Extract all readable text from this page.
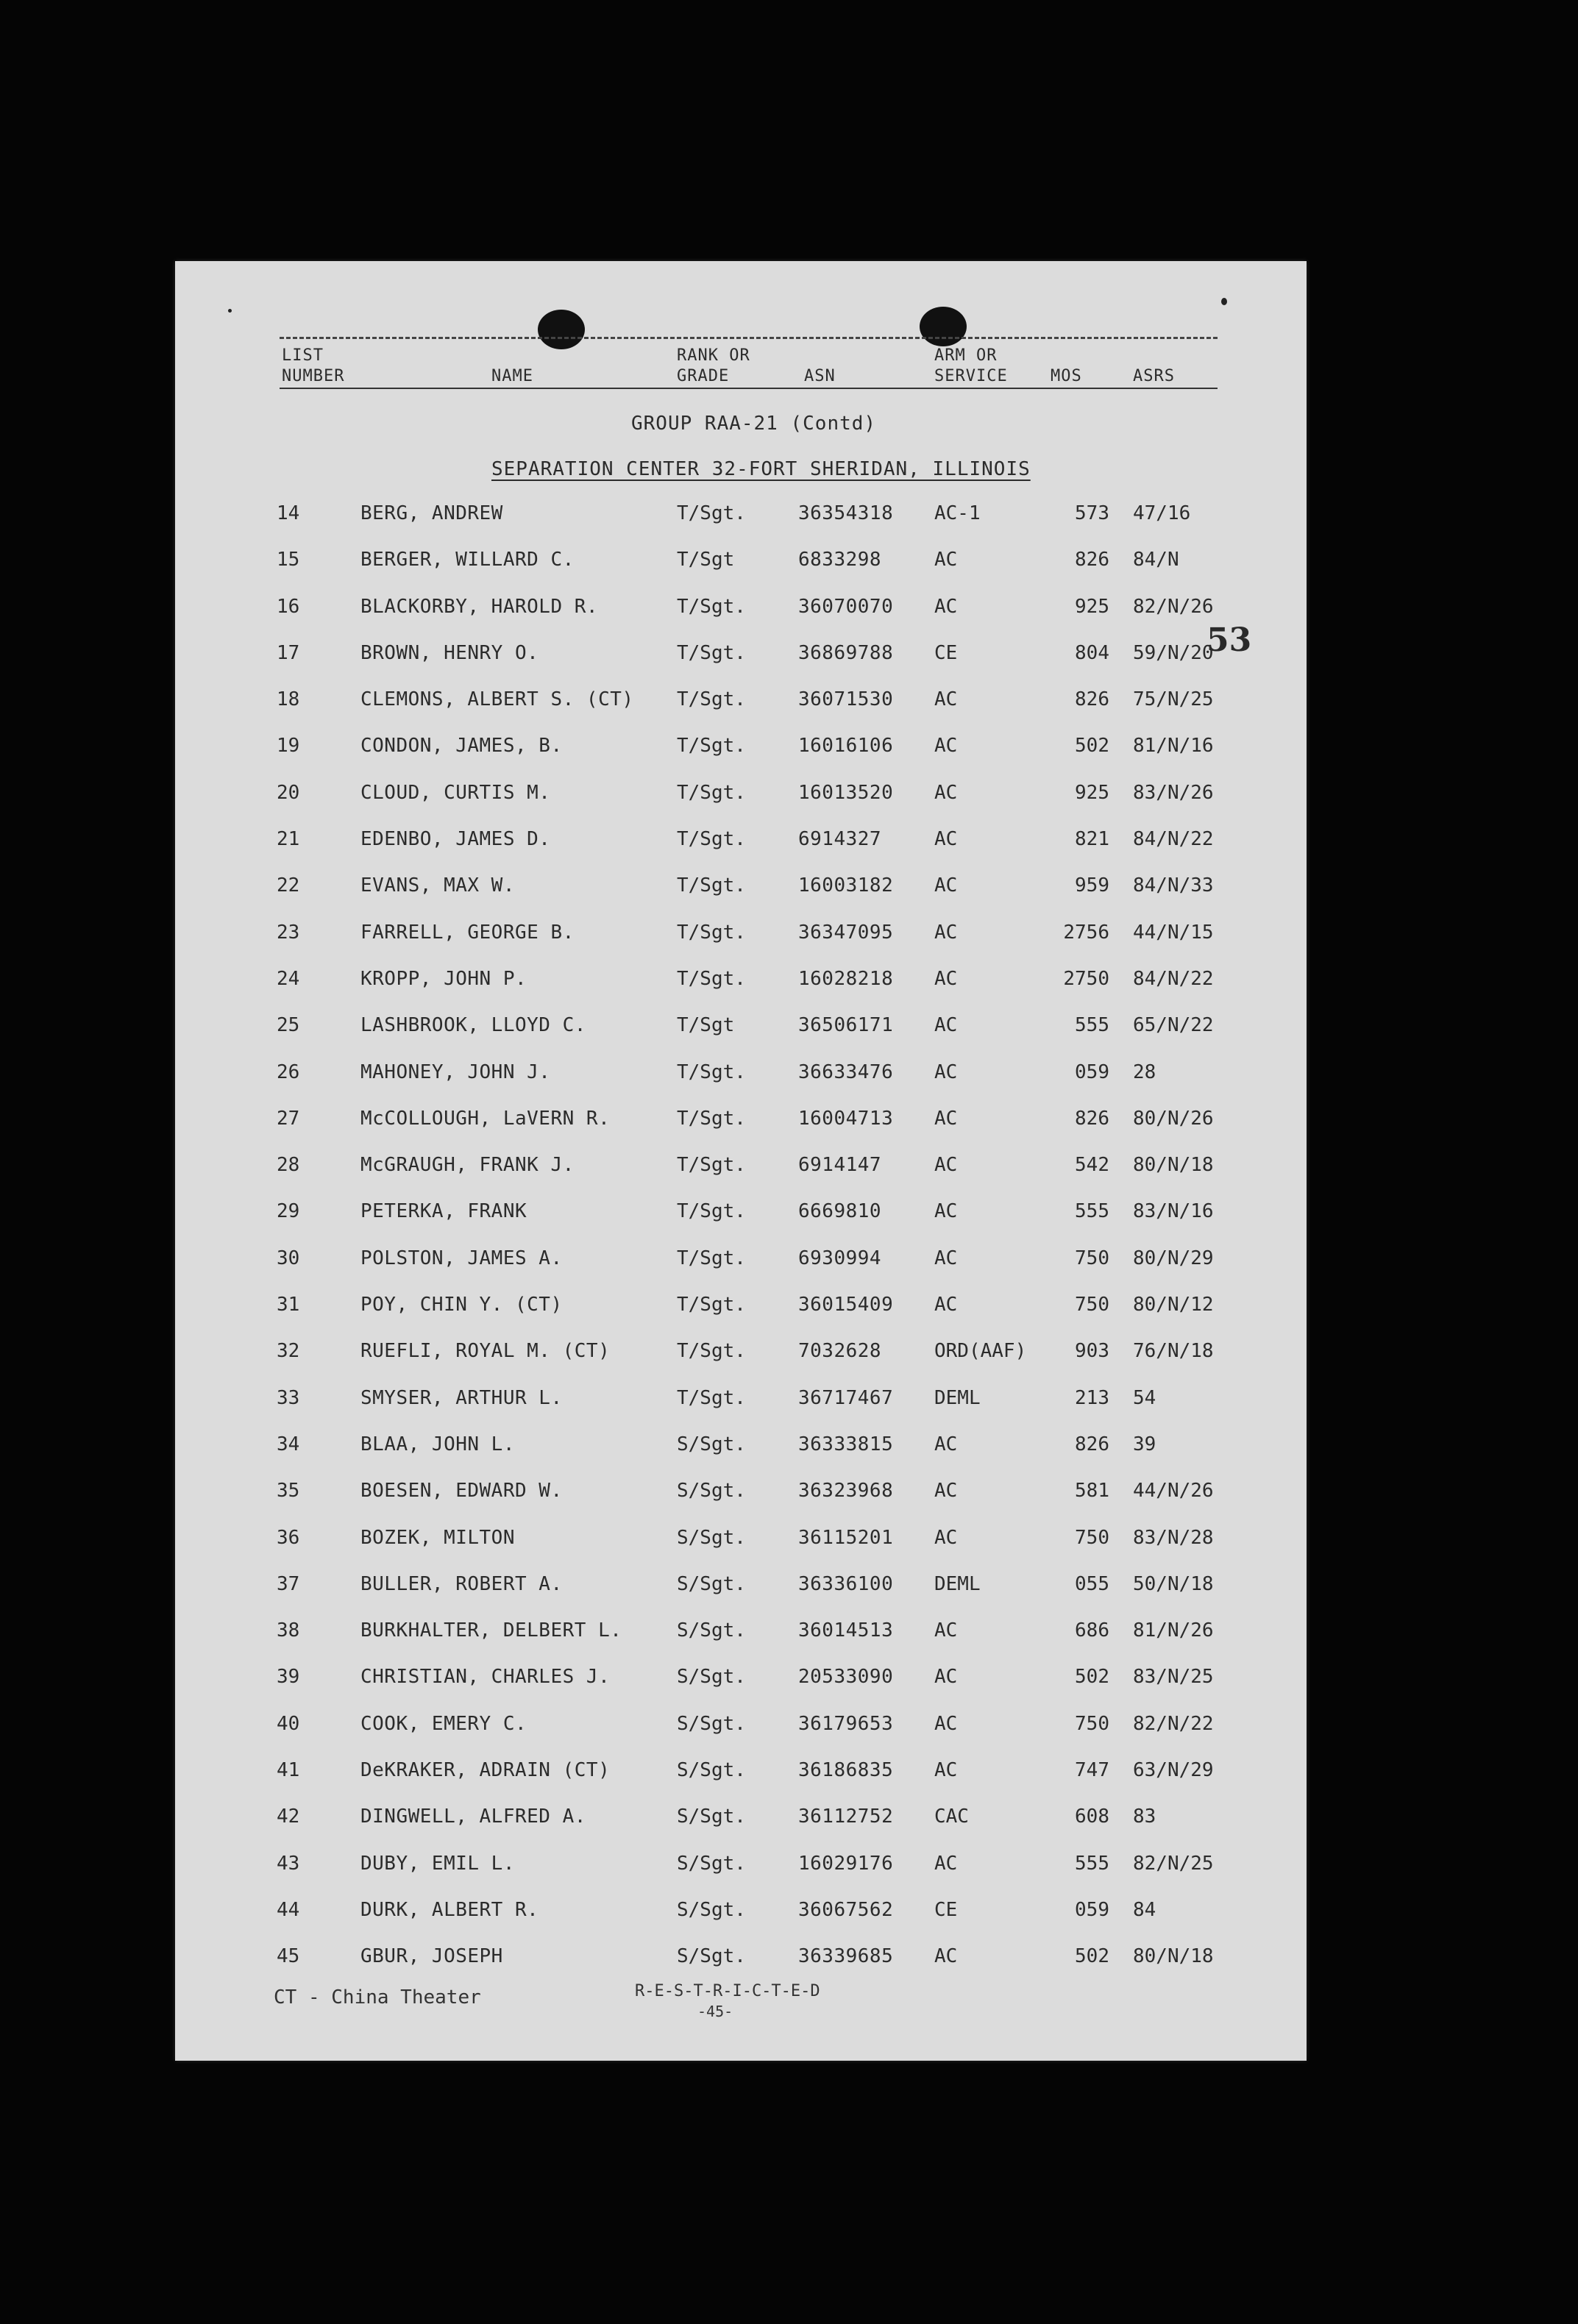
LIST
NUMBER	NAME
RANK OR
GRADE	ASN
ARM OR
SERVICE	MOS	ASRS
GROUP RAA-21 (Contd)
SEPARATION CENTER 32-FORT SHERIDAN, ILLINOIS
53
14	BERG, ANDREW	T/Sgt.	36354318 AC-1	573 47/16
15	BERGER, WILLARD C.	T/Sgt	6833298	AC	826 84/N
16	BLACKORBY, HAROLD R.	T/Sgt.	36070070 AC	925 82/N/26
17	BROWN, HENRY O.	T/Sgt.	36869788 CE	804 59/N/20
18	CLEMONS, ALBERT S. (CT) T/Sgt.	36071530 AC	826 75/N/25
19	CONDON, JAMES, B.	T/Sgt.	16016106 AC	502 81/N/16
20	CLOUD, CURTIS M.	T/Sgt.	16013520 AC	925 83/N/26
21	EDENBO, JAMES D.	T/Sgt.	6914327	AC	821 84/N/22
22	EVANS, MAX W.	T/Sgt.	16003182 AC	959 84/N/33
23	FARRELL, GEORGE B.	T/Sgt.	36347095 AC	2756 44/N/15
24	KROPP, JOHN P.	T/Sgt.	16028218 AC	2750 84/N/22
25	LASHBROOK, LLOYD C.	T/Sgt	36506171 AC	555 65/N/22
26	MAHONEY, JOHN J.	T/Sgt.	36633476 AC	059 28
27	McCOLLOUGH, LaVERN R.	T/Sgt.	16004713 AC	826 80/N/26
28	McGRAUGH, FRANK J.	T/Sgt.	6914147	AC	542 80/N/18
29	PETERKA, FRANK	T/Sgt.	6669810	AC	555 83/N/16
30	POLSTON, JAMES A.	T/Sgt.	6930994	AC	750 80/N/29
31	POY, CHIN Y. (CT)	T/Sgt.	36015409 AC	750 80/N/12
32	RUEFLI, ROYAL M. (CT)	T/Sgt.	7032628	ORD(AAF)	903 76/N/18
33	SMYSER, ARTHUR L.	T/Sgt.	36717467 DEML	213 54
34	BLAA, JOHN L.	S/Sgt.	36333815 AC	826 39
35	BOESEN, EDWARD W.	S/Sgt.	36323968 AC	581 44/N/26
36	BOZEK, MILTON	S/Sgt.	36115201 AC	750 83/N/28
37	BULLER, ROBERT A.	S/Sgt.	36336100 DEML	055 50/N/18
38	BURKHALTER, DELBERT L.	S/Sgt.	36014513 AC	686 81/N/26
39	CHRISTIAN, CHARLES J.	S/Sgt.	20533090 AC	502 83/N/25
40	COOK, EMERY C.	S/Sgt.	36179653 AC	750 82/N/22
41	DeKRAKER, ADRAIN (CT)	S/Sgt.	36186835 AC	747 63/N/29
42	DINGWELL, ALFRED A.	S/Sgt.	36112752 CAC	608 83
43	DUBY, EMIL L.	S/Sgt.	16029176 AC	555 82/N/25
44	DURK, ALBERT R.	S/Sgt.	36067562 CE	059 84
45	GBUR, JOSEPH	S/Sgt.	36339685 AC	502 80/N/18
CT - China Theater	R-E-S-T-R-I-C-T-E-D
-45-
